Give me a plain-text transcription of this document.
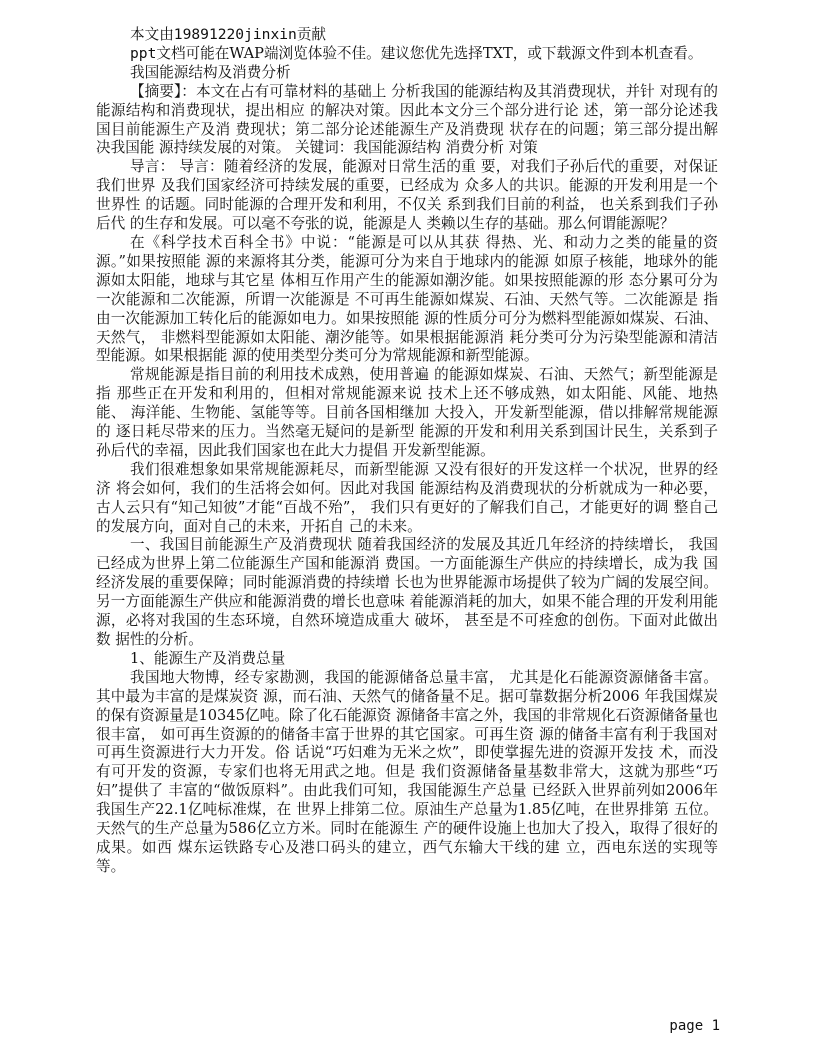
本文由19891220jinxin贡献

ppt文档可能在WAP端浏览体验不佳。建议您优先选择TXT，或下载源文件到本机查看。

我国能源结构及消费分析

【摘要】：本文在占有可靠材料的基础上 分析我国的能源结构及其消费现状，并针 对现有的能源结构和消费现状，提出相应 的解决对策。因此本文分三个部分进行论 述，第一部分论述我国目前能源生产及消 费现状；第二部分论述能源生产及消费现 状存在的问题；第三部分提出解决我国能 源持续发展的对策。 关键词：我国能源结构 消费分析 对策

导言： 导言：随着经济的发展，能源对日常生活的重 要，对我们子孙后代的重要，对保证我们世界 及我们国家经济可持续发展的重要，已经成为 众多人的共识。能源的开发利用是一个世界性 的话题。同时能源的合理开发和利用，不仅关 系到我们目前的利益， 也关系到我们子孙后代 的生存和发展。可以毫不夸张的说，能源是人 类赖以生存的基础。那么何谓能源呢？

在《科学技术百科全书》中说：“能源是可以从其获 得热、光、和动力之类的能量的资源。”如果按照能 源的来源将其分类，能源可分为来自于地球内的能源 如原子核能，地球外的能源如太阳能，地球与其它星 体相互作用产生的能源如潮汐能。如果按照能源的形 态分累可分为一次能源和二次能源，所谓一次能源是 不可再生能源如煤炭、石油、天然气等。二次能源是 指由一次能源加工转化后的能源如电力。如果按照能 源的性质分可分为燃料型能源如煤炭、石油、天然气， 非燃料型能源如太阳能、潮汐能等。如果根据能源消 耗分类可分为污染型能源和清洁型能源。如果根据能 源的使用类型分类可分为常规能源和新型能源。

常规能源是指目前的利用技术成熟，使用普遍 的能源如煤炭、石油、天然气；新型能源是指 那些正在开发和利用的，但相对常规能源来说 技术上还不够成熟，如太阳能、风能、地热能、 海洋能、生物能、氢能等等。目前各国相继加 大投入，开发新型能源，借以排解常规能源的 逐日耗尽带来的压力。当然毫无疑问的是新型 能源的开发和利用关系到国计民生，关系到子 孙后代的幸福，因此我们国家也在此大力提倡 开发新型能源。

我们很难想象如果常规能源耗尽，而新型能源 又没有很好的开发这样一个状况，世界的经济 将会如何，我们的生活将会如何。因此对我国 能源结构及消费现状的分析就成为一种必要， 古人云只有“知己知彼”才能“百战不殆”， 我们只有更好的了解我们自己，才能更好的调 整自己的发展方向，面对自己的未来，开拓自 己的未来。

一、我国目前能源生产及消费现状 随着我国经济的发展及其近几年经济的持续增长， 我国已经成为世界上第二位能源生产国和能源消 费国。一方面能源生产供应的持续增长，成为我 国经济发展的重要保障；同时能源消费的持续增 长也为世界能源市场提供了较为广阔的发展空间。 另一方面能源生产供应和能源消费的增长也意味 着能源消耗的加大，如果不能合理的开发利用能 源，必将对我国的生态环境，自然环境造成重大 破坏， 甚至是不可痊愈的创伤。下面对此做出数 据性的分析。

1、能源生产及消费总量

我国地大物博，经专家勘测，我国的能源储备总量丰富， 尤其是化石能源资源储备丰富。其中最为丰富的是煤炭资 源，而石油、天然气的储备量不足。据可靠数据分析2006 年我国煤炭的保有资源量是10345亿吨。除了化石能源资 源储备丰富之外，我国的非常规化石资源储备量也很丰富， 如可再生资源的的储备丰富于世界的其它国家。可再生资 源的储备丰富有利于我国对可再生资源进行大力开发。俗 话说“巧妇难为无米之炊”，即使掌握先进的资源开发技 术，而没有可开发的资源，专家们也将无用武之地。但是 我们资源储备量基数非常大，这就为那些“巧妇”提供了 丰富的“做饭原料”。由此我们可知，我国能源生产总量 已经跃入世界前列如2006年我国生产22.1亿吨标准煤，在 世界上排第二位。原油生产总量为1.85亿吨，在世界排第 五位。天然气的生产总量为586亿立方米。同时在能源生 产的硬件设施上也加大了投入，取得了很好的成果。如西 煤东运铁路专心及港口码头的建立，西气东输大干线的建 立，西电东送的实现等等。

page 1
